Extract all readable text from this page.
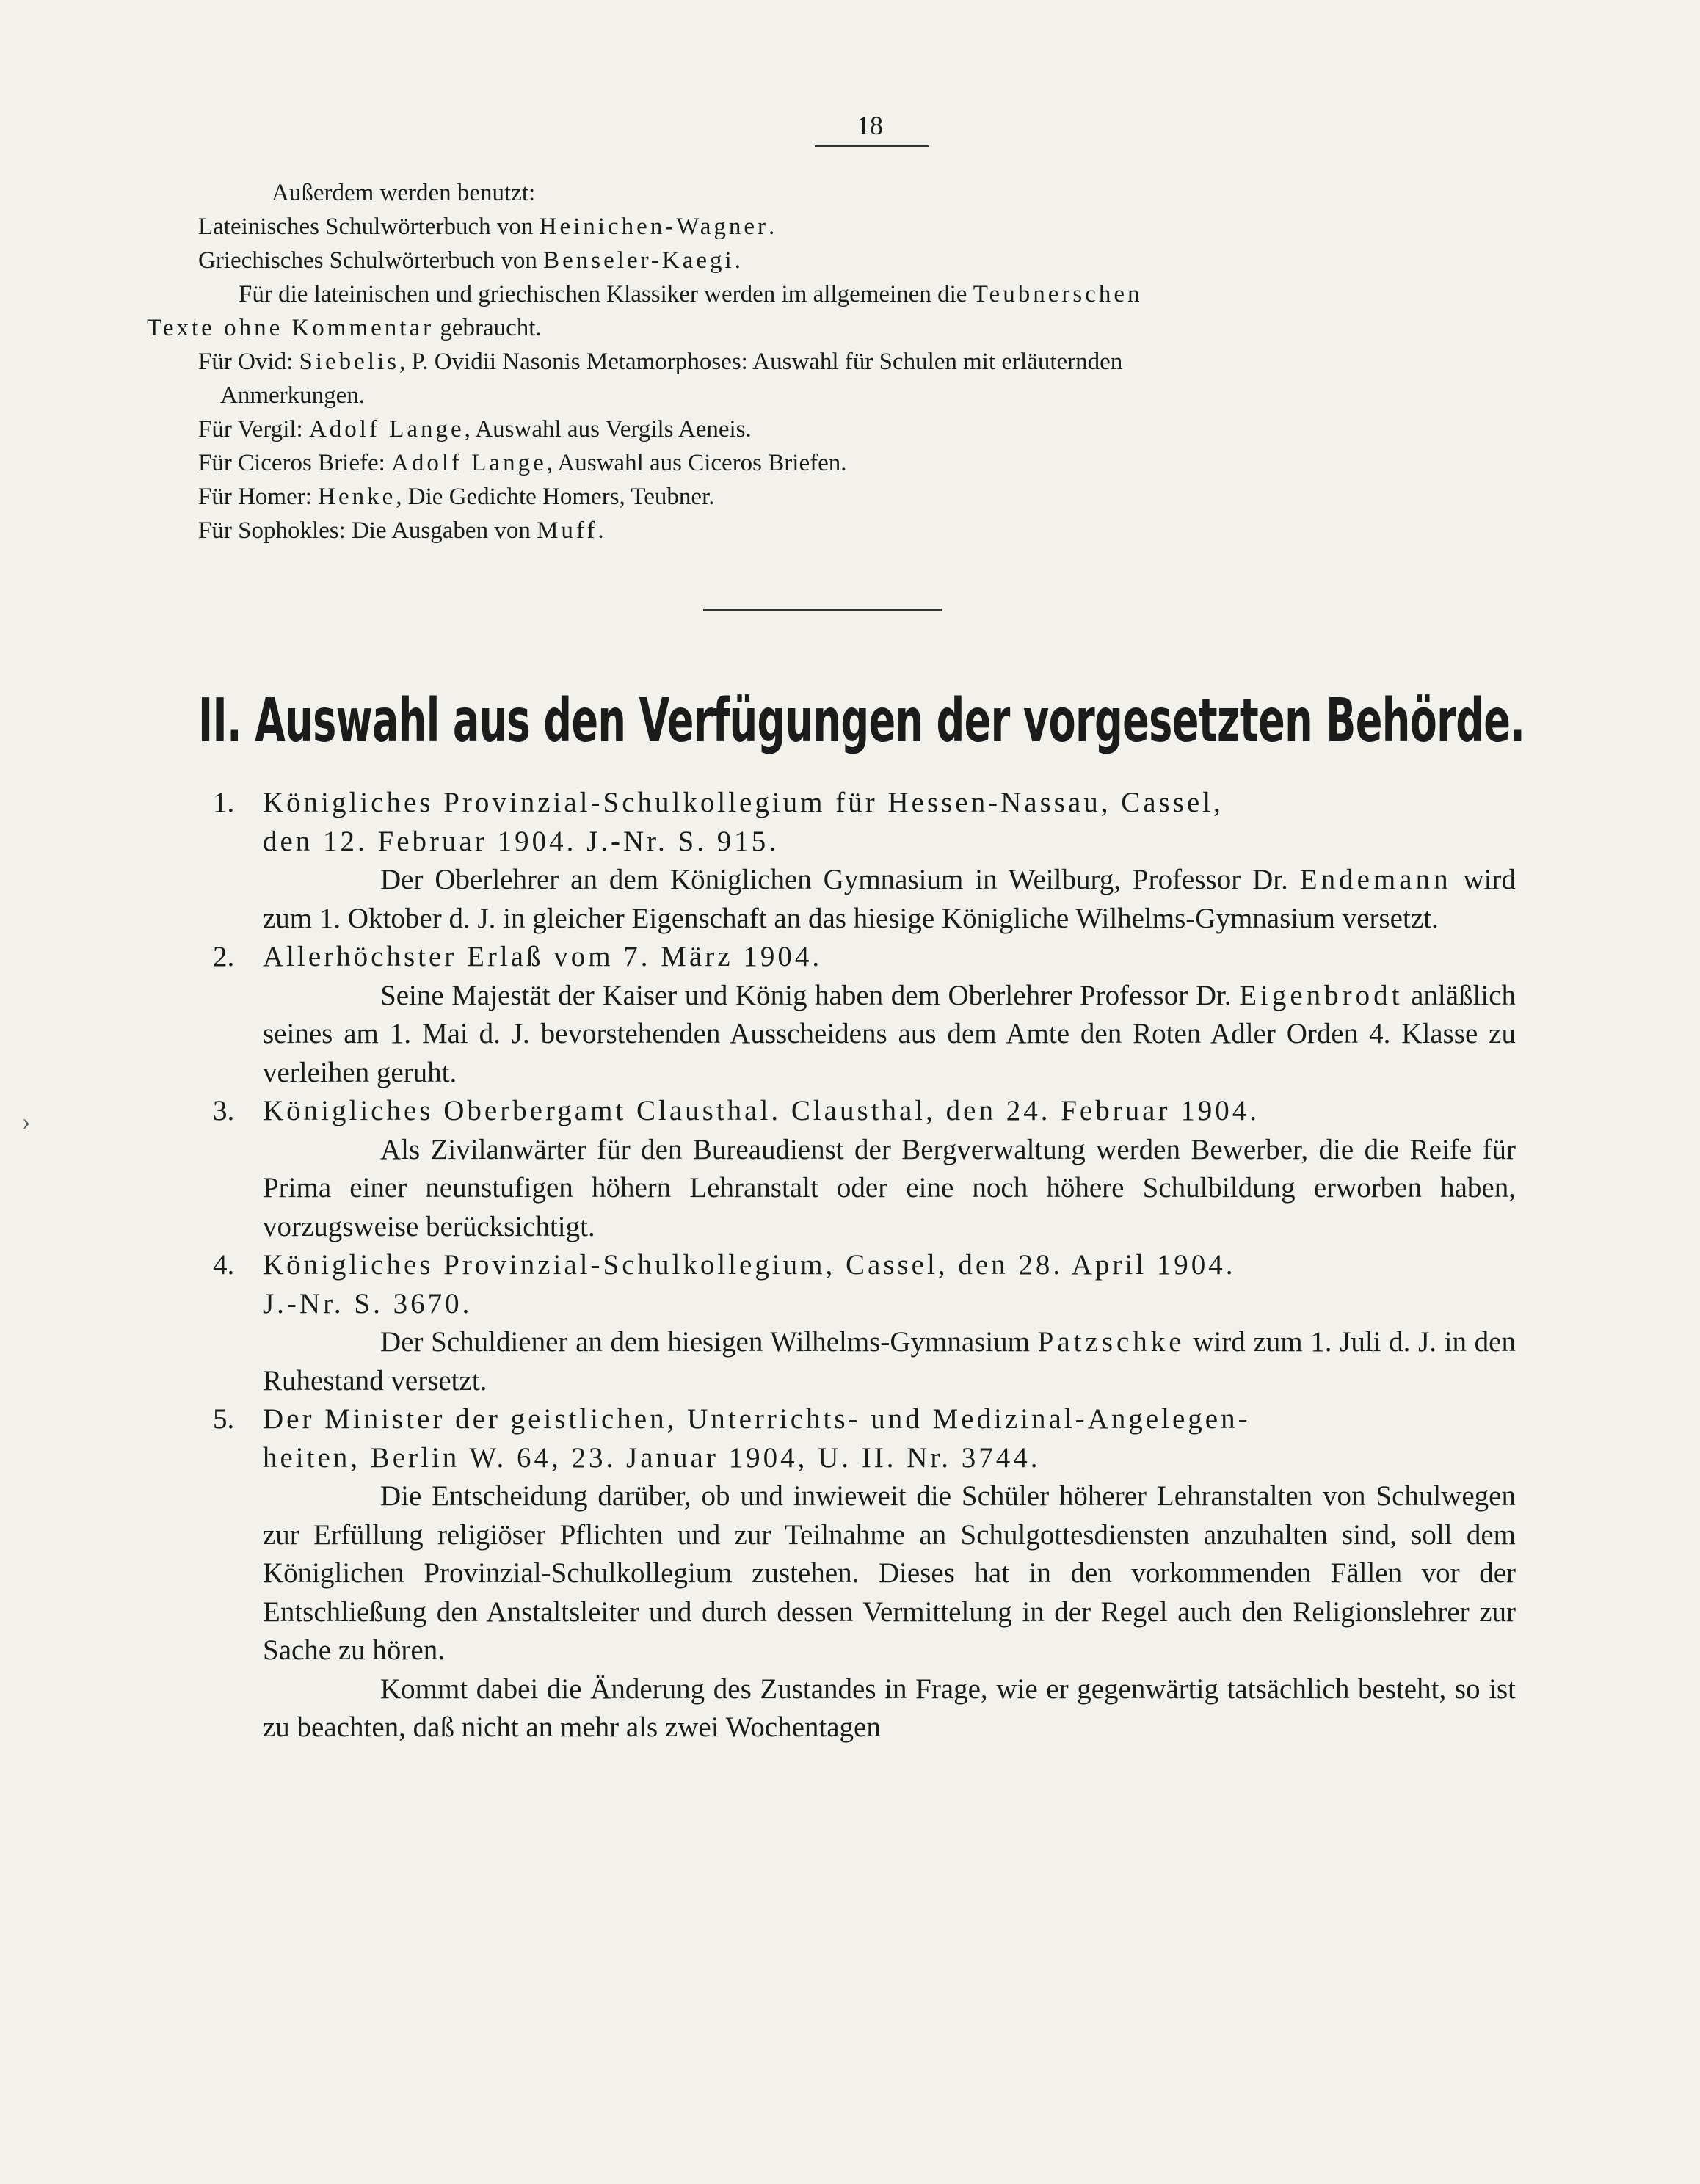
18
Außerdem werden benutzt:
Lateinisches Schulwörterbuch von Heinichen-Wagner.
Griechisches Schulwörterbuch von Benseler-Kaegi.
Für die lateinischen und griechischen Klassiker werden im allgemeinen die Teubnerschen
Texte ohne Kommentar gebraucht.
Für Ovid: Siebelis, P. Ovidii Nasonis Metamorphoses: Auswahl für Schulen mit erläuternden
Anmerkungen.
Für Vergil: Adolf Lange, Auswahl aus Vergils Aeneis.
Für Ciceros Briefe: Adolf Lange, Auswahl aus Ciceros Briefen.
Für Homer: Henke, Die Gedichte Homers, Teubner.
Für Sophokles: Die Ausgaben von Muff.
II. Auswahl aus den Verfügungen der vorgesetzten Behörde.
1. Königliches Provinzial-Schulkollegium für Hessen-Nassau, Cassel,
den 12. Februar 1904. J.-Nr. S. 915.
Der Oberlehrer an dem Königlichen Gymnasium in Weilburg, Professor Dr. Endemann wird zum 1. Oktober d. J. in gleicher Eigenschaft an das hiesige Königliche Wilhelms-Gymnasium versetzt.
2. Allerhöchster Erlaß vom 7. März 1904.
Seine Majestät der Kaiser und König haben dem Oberlehrer Professor Dr. Eigenbrodt anläßlich seines am 1. Mai d. J. bevorstehenden Ausscheidens aus dem Amte den Roten Adler Orden 4. Klasse zu verleihen geruht.
3. Königliches Oberbergamt Clausthal. Clausthal, den 24. Februar 1904.
Als Zivilanwärter für den Bureaudienst der Bergverwaltung werden Bewerber, die die Reife für Prima einer neunstufigen höhern Lehranstalt oder eine noch höhere Schulbildung erworben haben, vorzugsweise berücksichtigt.
4. Königliches Provinzial-Schulkollegium, Cassel, den 28. April 1904.
J.-Nr. S. 3670.
Der Schuldiener an dem hiesigen Wilhelms-Gymnasium Patzschke wird zum 1. Juli d. J. in den Ruhestand versetzt.
5. Der Minister der geistlichen, Unterrichts- und Medizinal-Angelegen-
heiten, Berlin W. 64, 23. Januar 1904, U. II. Nr. 3744.
Die Entscheidung darüber, ob und inwieweit die Schüler höherer Lehranstalten von Schulwegen zur Erfüllung religiöser Pflichten und zur Teilnahme an Schulgottesdiensten anzuhalten sind, soll dem Königlichen Provinzial-Schulkollegium zustehen. Dieses hat in den vorkommenden Fällen vor der Entschließung den Anstaltsleiter und durch dessen Vermittelung in der Regel auch den Religionslehrer zur Sache zu hören.
Kommt dabei die Änderung des Zustandes in Frage, wie er gegenwärtig tatsächlich besteht, so ist zu beachten, daß nicht an mehr als zwei Wochentagen
›
